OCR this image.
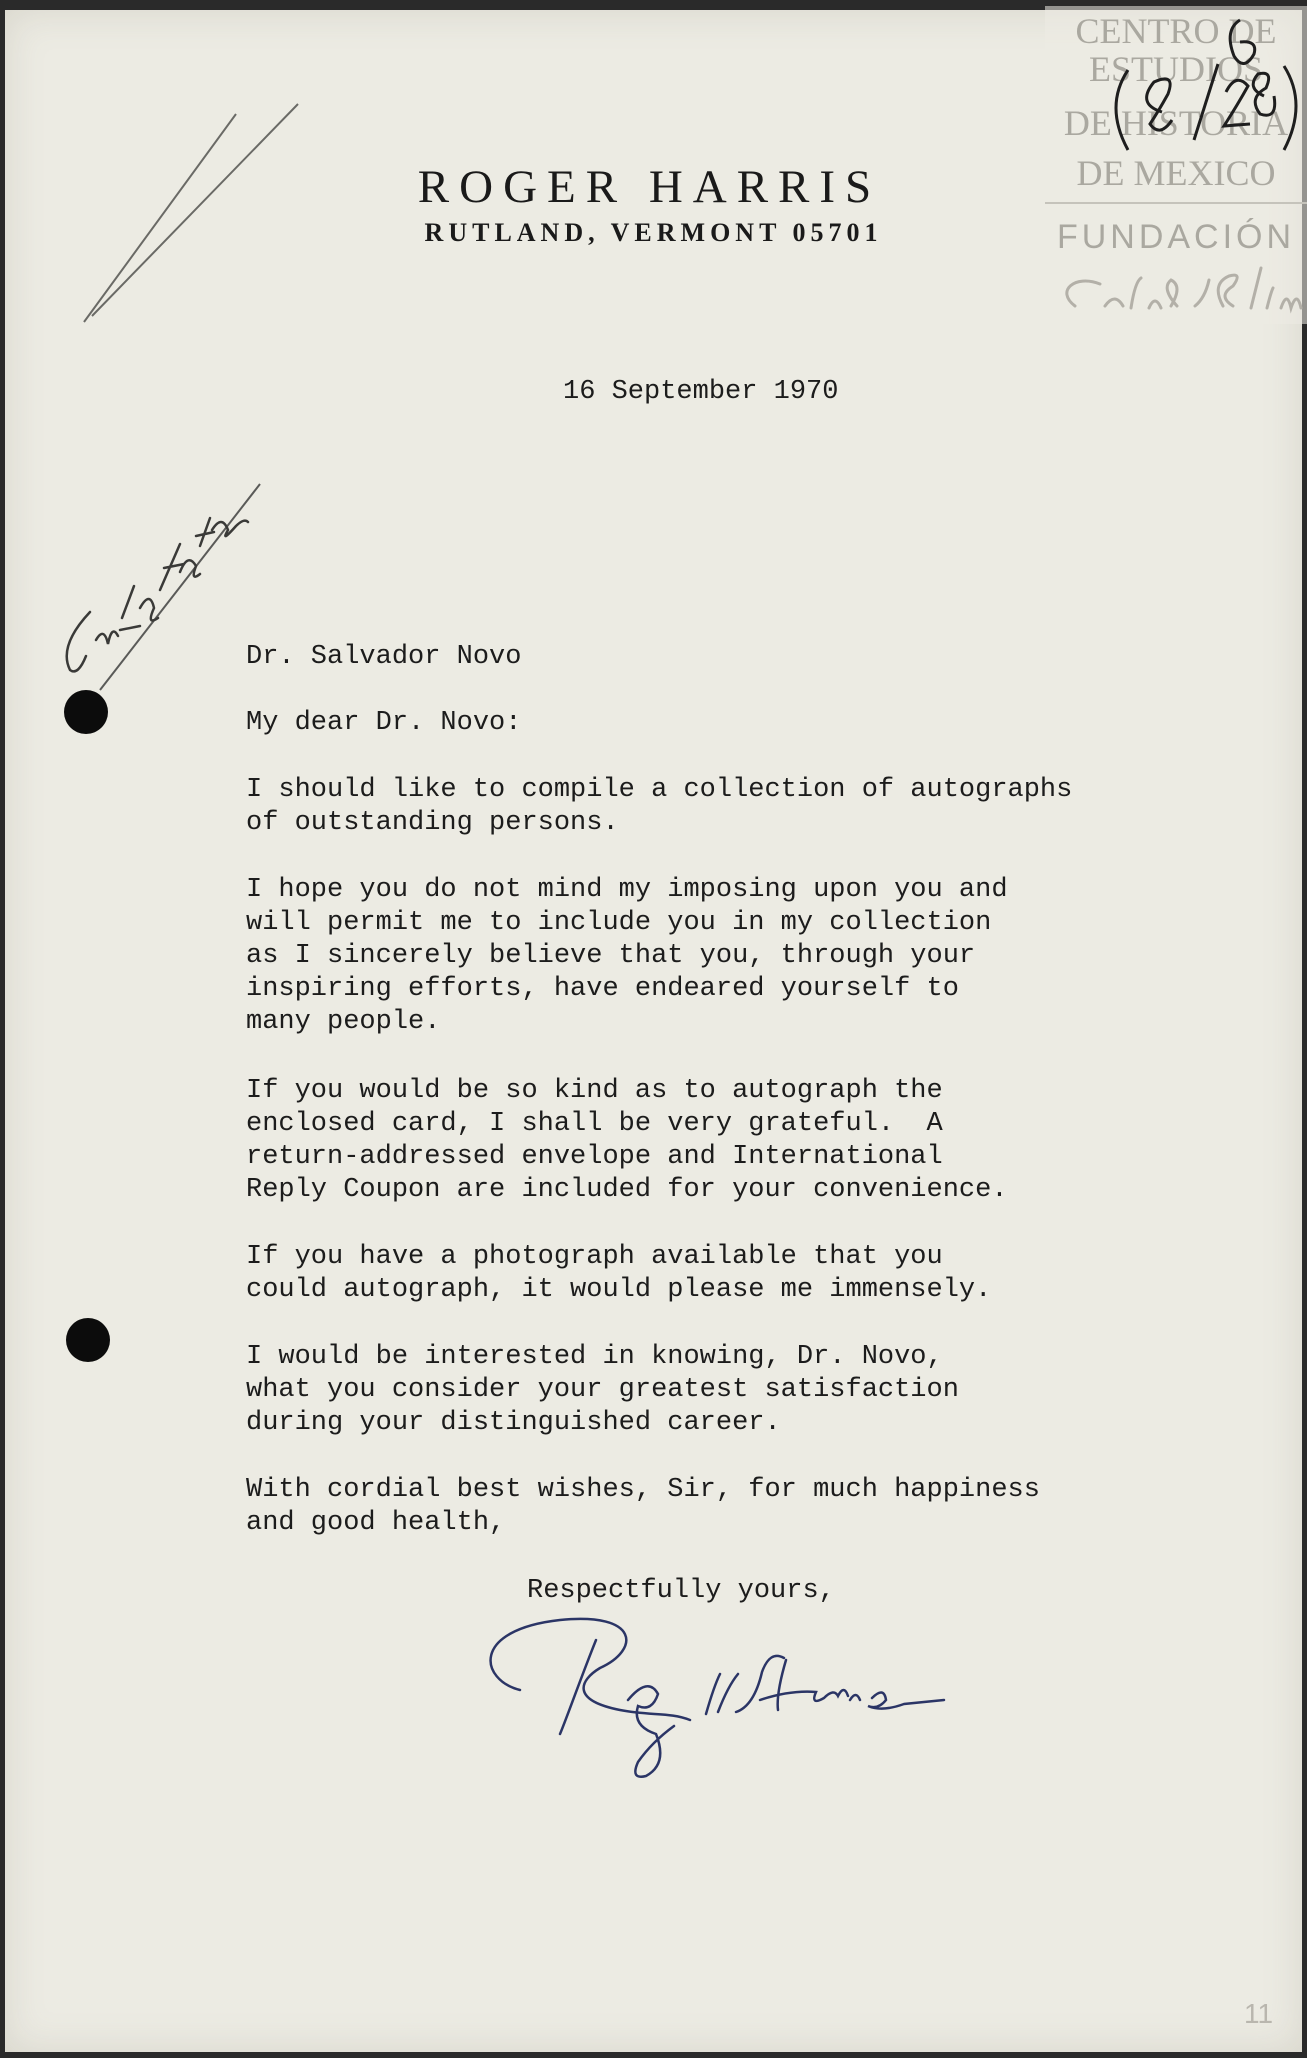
CENTRO DE
ESTUDIOS
DE HISTORIA
DE MEXICO
FUNDACIÓN
ROGER HARRIS
RUTLAND, VERMONT 05701
16 September 1970
Dr. Salvador Novo
My dear Dr. Novo:
I should like to compile a collection of autographs
of outstanding persons.
I hope you do not mind my imposing upon you and
will permit me to include you in my collection
as I sincerely believe that you, through your
inspiring efforts, have endeared yourself to
many people.
If you would be so kind as to autograph the
enclosed card, I shall be very grateful.  A
return-addressed envelope and International
Reply Coupon are included for your convenience.
If you have a photograph available that you
could autograph, it would please me immensely.
I would be interested in knowing, Dr. Novo,
what you consider your greatest satisfaction
during your distinguished career.
With cordial best wishes, Sir, for much happiness
and good health,
Respectfully yours,
11
